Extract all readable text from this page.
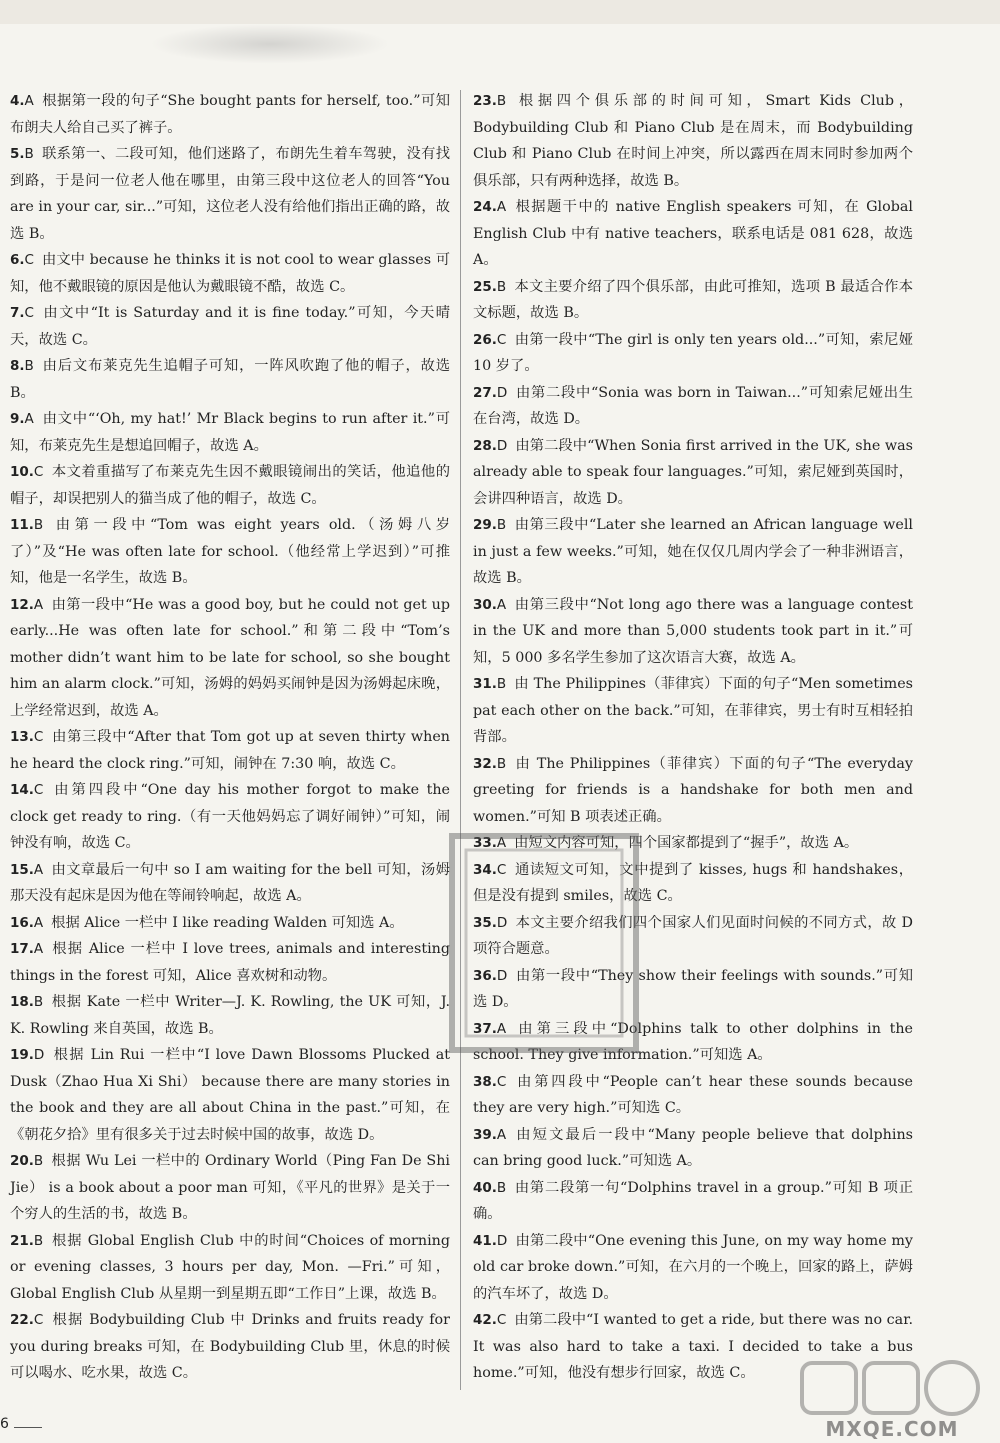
4.A 根据第一段的句子“She bought pants for herself, too.”可知布朗夫人给自己买了裤子。

5.B 联系第一、二段可知，他们迷路了，布朗先生着车驾驶，没有找到路，于是问一位老人他在哪里，由第三段中这位老人的回答“You are in your car, sir...”可知，这位老人没有给他们指出正确的路，故选 B。

6.C 由文中 because he thinks it is not cool to wear glasses 可知，他不戴眼镜的原因是他认为戴眼镜不酷，故选 C。

7.C 由文中“It is Saturday and it is fine today.”可知，今天晴天，故选 C。

8.B 由后文布莱克先生追帽子可知，一阵风吹跑了他的帽子，故选 B。

9.A 由文中“‘Oh, my hat!’ Mr Black begins to run after it.”可知，布莱克先生是想追回帽子，故选 A。

10.C 本文着重描写了布莱克先生因不戴眼镜闹出的笑话，他追他的帽子，却误把别人的猫当成了他的帽子，故选 C。

11.B 由第一段中“Tom was eight years old.（汤姆八岁了）”及“He was often late for school.（他经常上学迟到）”可推知，他是一名学生，故选 B。

12.A 由第一段中“He was a good boy, but he could not get up early...He was often late for school.”和第二段中“Tom’s mother didn’t want him to be late for school, so she bought him an alarm clock.”可知，汤姆的妈妈买闹钟是因为汤姆起床晚，上学经常迟到，故选 A。

13.C 由第三段中“After that Tom got up at seven thirty when he heard the clock ring.”可知，闹钟在 7:30 响，故选 C。

14.C 由第四段中“One day his mother forgot to make the clock get ready to ring.（有一天他妈妈忘了调好闹钟）”可知，闹钟没有响，故选 C。

15.A 由文章最后一句中 so I am waiting for the bell 可知，汤姆那天没有起床是因为他在等闹铃响起，故选 A。

16.A 根据 Alice 一栏中 I like reading Walden 可知选 A。

17.A 根据 Alice 一栏中 I love trees, animals and interesting things in the forest 可知，Alice 喜欢树和动物。

18.B 根据 Kate 一栏中 Writer—J. K. Rowling, the UK 可知，J. K. Rowling 来自英国，故选 B。

19.D 根据 Lin Rui 一栏中“I love Dawn Blossoms Plucked at Dusk（Zhao Hua Xi Shi） because there are many stories in the book and they are all about China in the past.”可知，在《朝花夕拾》里有很多关于过去时候中国的故事，故选 D。

20.B 根据 Wu Lei 一栏中的 Ordinary World（Ping Fan De Shi Jie） is a book about a poor man 可知，《平凡的世界》是关于一个穷人的生活的书，故选 B。

21.B 根据 Global English Club 中的时间“Choices of morning or evening classes, 3 hours per day, Mon. —Fri.”可知，Global English Club 从星期一到星期五即“工作日”上课，故选 B。

22.C 根据 Bodybuilding Club 中 Drinks and fruits ready for you during breaks 可知，在 Bodybuilding Club 里，休息的时候可以喝水、吃水果，故选 C。

23.B 根据四个俱乐部的时间可知，Smart Kids Club，Bodybuilding Club 和 Piano Club 是在周末，而 Bodybuilding Club 和 Piano Club 在时间上冲突，所以露西在周末同时参加两个俱乐部，只有两种选择，故选 B。

24.A 根据题干中的 native English speakers 可知，在 Global English Club 中有 native teachers，联系电话是 081 628，故选 A。

25.B 本文主要介绍了四个俱乐部，由此可推知，选项 B 最适合作本文标题，故选 B。

26.C 由第一段中“The girl is only ten years old...”可知，索尼娅 10 岁了。

27.D 由第二段中“Sonia was born in Taiwan...”可知索尼娅出生在台湾，故选 D。

28.D 由第二段中“When Sonia first arrived in the UK, she was already able to speak four languages.”可知，索尼娅到英国时，会讲四种语言，故选 D。

29.B 由第三段中“Later she learned an African language well in just a few weeks.”可知，她在仅仅几周内学会了一种非洲语言，故选 B。

30.A 由第三段中“Not long ago there was a language contest in the UK and more than 5,000 students took part in it.”可知，5 000 多名学生参加了这次语言大赛，故选 A。

31.B 由 The Philippines（菲律宾）下面的句子“Men sometimes pat each other on the back.”可知，在菲律宾，男士有时互相轻拍背部。

32.B 由 The Philippines（菲律宾）下面的句子“The everyday greeting for friends is a handshake for both men and women.”可知 B 项表述正确。

33.A 由短文内容可知，四个国家都提到了“握手”，故选 A。

34.C 通读短文可知，文中提到了 kisses, hugs 和 handshakes，但是没有提到 smiles，故选 C。

35.D 本文主要介绍我们四个国家人们见面时问候的不同方式，故 D 项符合题意。

36.D 由第一段中“They show their feelings with sounds.”可知选 D。

37.A 由第三段中“Dolphins talk to other dolphins in the school. They give information.”可知选 A。

38.C 由第四段中“People can’t hear these sounds because they are very high.”可知选 C。

39.A 由短文最后一段中“Many people believe that dolphins can bring good luck.”可知选 A。

40.B 由第二段第一句“Dolphins travel in a group.”可知 B 项正确。

41.D 由第二段中“One evening this June, on my way home my old car broke down.”可知，在六月的一个晚上，回家的路上，萨姆的汽车坏了，故选 D。

42.C 由第二段中“I wanted to get a ride, but there was no car. It was also hard to take a taxi. I decided to take a bus home.”可知，他没有想步行回家，故选 C。

6	MXQE.COM
